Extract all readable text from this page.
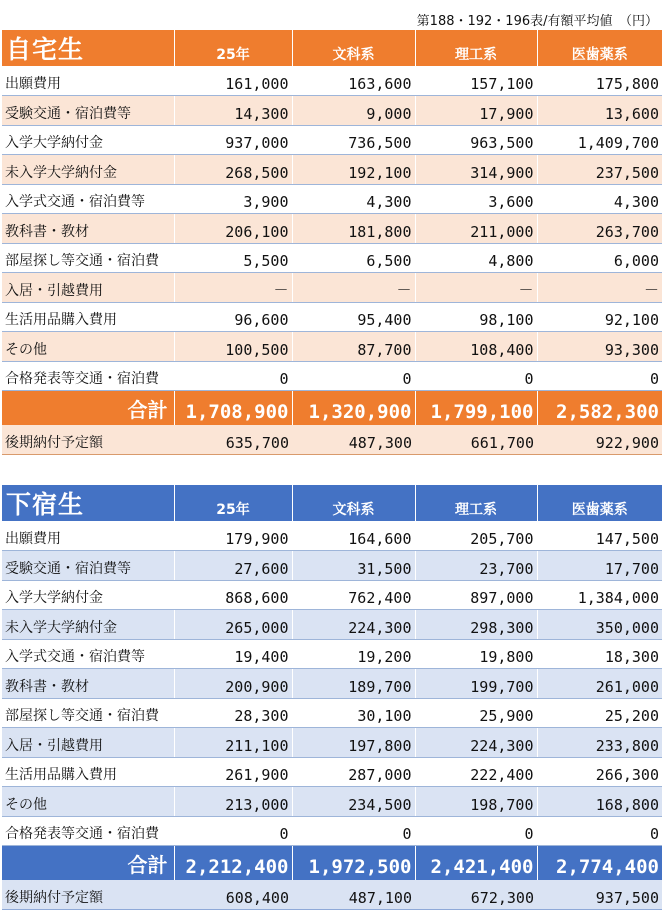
第188・192・196表/有額平均値　（円）
自宅生	25年	文科系	理工系	医歯薬系
出願費用	161,000	163,600	157,100	175,800
受験交通・宿泊費等	14,300	9,000	17,900	13,600
入学大学納付金	937,000	736,500	963,500	1,409,700
未入学大学納付金	268,500	192,100	314,900	237,500
入学式交通・宿泊費等	3,900	4,300	3,600	4,300
教科書・教材	206,100	181,800	211,000	263,700
部屋探し等交通・宿泊費	5,500	6,500	4,800	6,000
入居・引越費用	－	－	－	－
生活用品購入費用	96,600	95,400	98,100	92,100
その他	100,500	87,700	108,400	93,300
合格発表等交通・宿泊費	0	0	0	0
合計	1,708,900	1,320,900	1,799,100	2,582,300
後期納付予定額	635,700	487,300	661,700	922,900
下宿生	25年	文科系	理工系	医歯薬系
出願費用	179,900	164,600	205,700	147,500
受験交通・宿泊費等	27,600	31,500	23,700	17,700
入学大学納付金	868,600	762,400	897,000	1,384,000
未入学大学納付金	265,000	224,300	298,300	350,000
入学式交通・宿泊費等	19,400	19,200	19,800	18,300
教科書・教材	200,900	189,700	199,700	261,000
部屋探し等交通・宿泊費	28,300	30,100	25,900	25,200
入居・引越費用	211,100	197,800	224,300	233,800
生活用品購入費用	261,900	287,000	222,400	266,300
その他	213,000	234,500	198,700	168,800
合格発表等交通・宿泊費	0	0	0	0
合計	2,212,400	1,972,500	2,421,400	2,774,400
後期納付予定額	608,400	487,100	672,300	937,500
